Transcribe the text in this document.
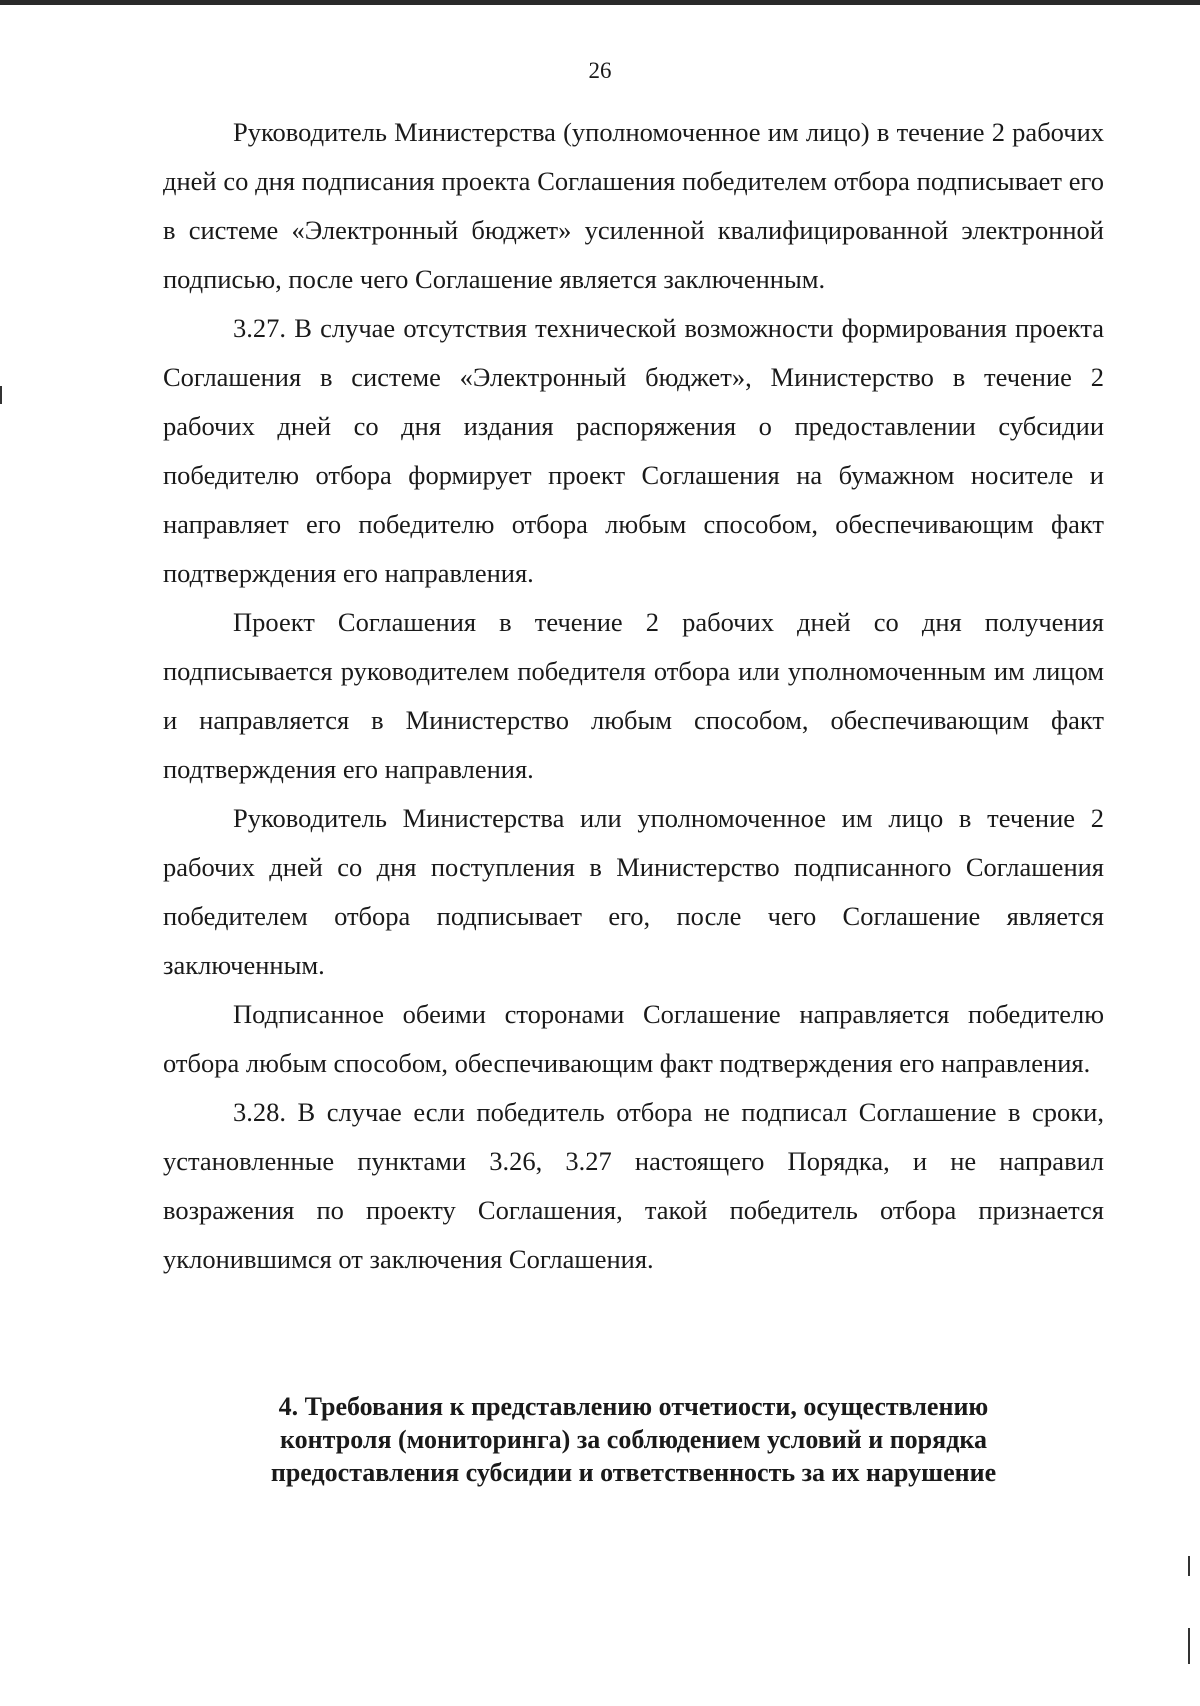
26

Руководитель Министерства (уполномоченное им лицо) в течение 2 рабочих дней со дня подписания проекта Соглашения победителем отбора подписывает его в системе «Электронный бюджет» усиленной квалифицированной электронной подписью, после чего Соглашение является заключенным.

3.27. В случае отсутствия технической возможности формирования проекта Соглашения в системе «Электронный бюджет», Министерство в течение 2 рабочих дней со дня издания распоряжения о предоставлении субсидии победителю отбора формирует проект Соглашения на бумажном носителе и направляет его победителю отбора любым способом, обеспечивающим факт подтверждения его направления.

Проект Соглашения в течение 2 рабочих дней со дня получения подписывается руководителем победителя отбора или уполномоченным им лицом и направляется в Министерство любым способом, обеспечивающим факт подтверждения его направления.

Руководитель Министерства или уполномоченное им лицо в течение 2 рабочих дней со дня поступления в Министерство подписанного Соглашения победителем отбора подписывает его, после чего Соглашение является заключенным.

Подписанное обеими сторонами Соглашение направляется победителю отбора любым способом, обеспечивающим факт подтверждения его направления.

3.28. В случае если победитель отбора не подписал Соглашение в сроки, установленные пунктами 3.26, 3.27 настоящего Порядка, и не направил возражения по проекту Соглашения, такой победитель отбора признается уклонившимся от заключения Соглашения.

4. Требования к представлению отчетиости, осуществлению
контроля (мониторинга) за соблюдением условий и порядка
предоставления субсидии и ответственность за их нарушение
